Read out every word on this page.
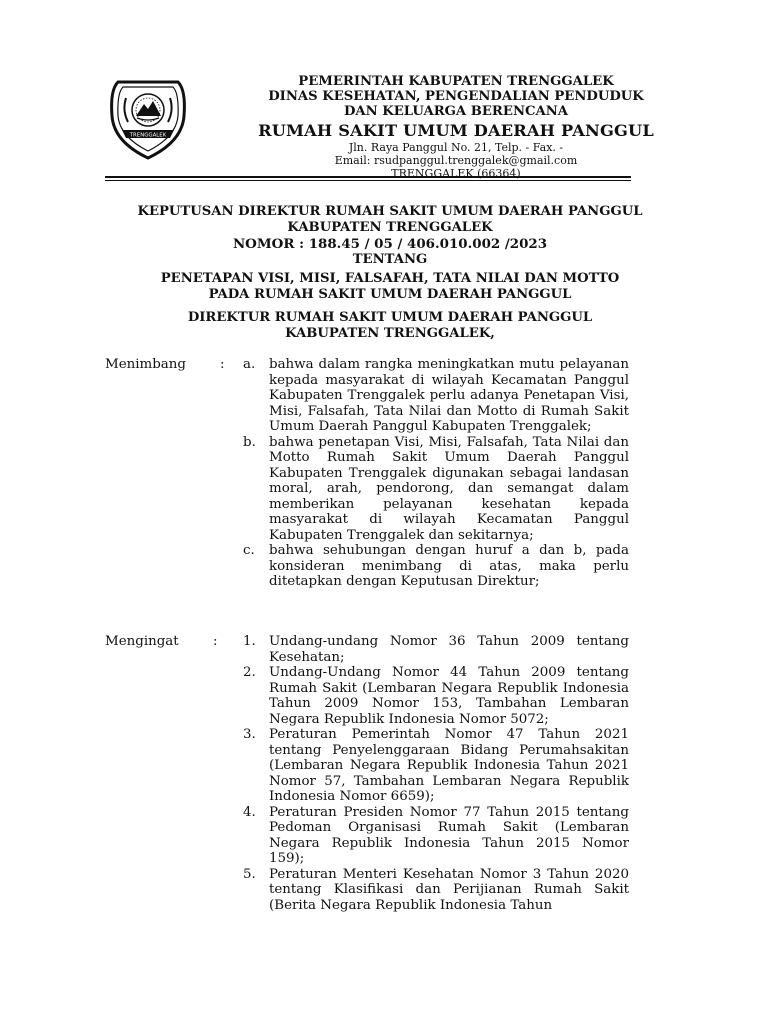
TRENGGALEK
PEMERINTAH KABUPATEN TRENGGALEK
DINAS KESEHATAN, PENGENDALIAN PENDUDUK
DAN KELUARGA BERENCANA
RUMAH SAKIT UMUM DAERAH PANGGUL
Jln. Raya Panggul No. 21, Telp. - Fax. -
Email: rsudpanggul.trenggalek@gmail.com
TRENGGALEK (66364)
KEPUTUSAN DIREKTUR RUMAH SAKIT UMUM DAERAH PANGGUL
KABUPATEN TRENGGALEK
NOMOR : 188.45 / 05 / 406.010.002 /2023
TENTANG
PENETAPAN VISI, MISI, FALSAFAH, TATA NILAI DAN MOTTO
PADA RUMAH SAKIT UMUM DAERAH PANGGUL
DIREKTUR RUMAH SAKIT UMUM DAERAH PANGGUL
KABUPATEN TRENGGALEK,
Menimbang	: a.	bahwa dalam rangka meningkatkan mutu pelayanan kepada masyarakat di wilayah Kecamatan Panggul Kabupaten Trenggalek perlu adanya Penetapan Visi, Misi, Falsafah, Tata Nilai dan Motto di Rumah Sakit Umum Daerah Panggul Kabupaten Trenggalek;
b. bahwa penetapan Visi, Misi, Falsafah, Tata Nilai dan Motto Rumah Sakit Umum Daerah Panggul Kabupaten Trenggalek digunakan sebagai landasan moral, arah, pendorong, dan semangat dalam memberikan pelayanan kesehatan kepada masyarakat di wilayah Kecamatan Panggul Kabupaten Trenggalek dan sekitarnya;
c.	bahwa sehubungan dengan huruf a dan b, pada konsideran menimbang di atas, maka perlu ditetapkan dengan Keputusan Direktur;
Mengingat	: 1. Undang-undang Nomor 36 Tahun 2009 tentang Kesehatan;
2. Undang-Undang Nomor 44 Tahun 2009 tentang Rumah Sakit (Lembaran Negara Republik Indonesia Tahun 2009 Nomor 153, Tambahan Lembaran Negara Republik Indonesia Nomor 5072;
3. Peraturan Pemerintah Nomor 47 Tahun 2021 tentang Penyelenggaraan Bidang Perumahsakitan (Lembaran Negara Republik Indonesia Tahun 2021 Nomor 57, Tambahan Lembaran Negara Republik Indonesia Nomor 6659);
4. Peraturan Presiden Nomor 77 Tahun 2015 tentang Pedoman Organisasi Rumah Sakit (Lembaran Negara Republik Indonesia Tahun 2015 Nomor 159);
5. Peraturan Menteri Kesehatan Nomor 3 Tahun 2020 tentang Klasifikasi dan Perijianan Rumah Sakit (Berita Negara Republik Indonesia Tahun
